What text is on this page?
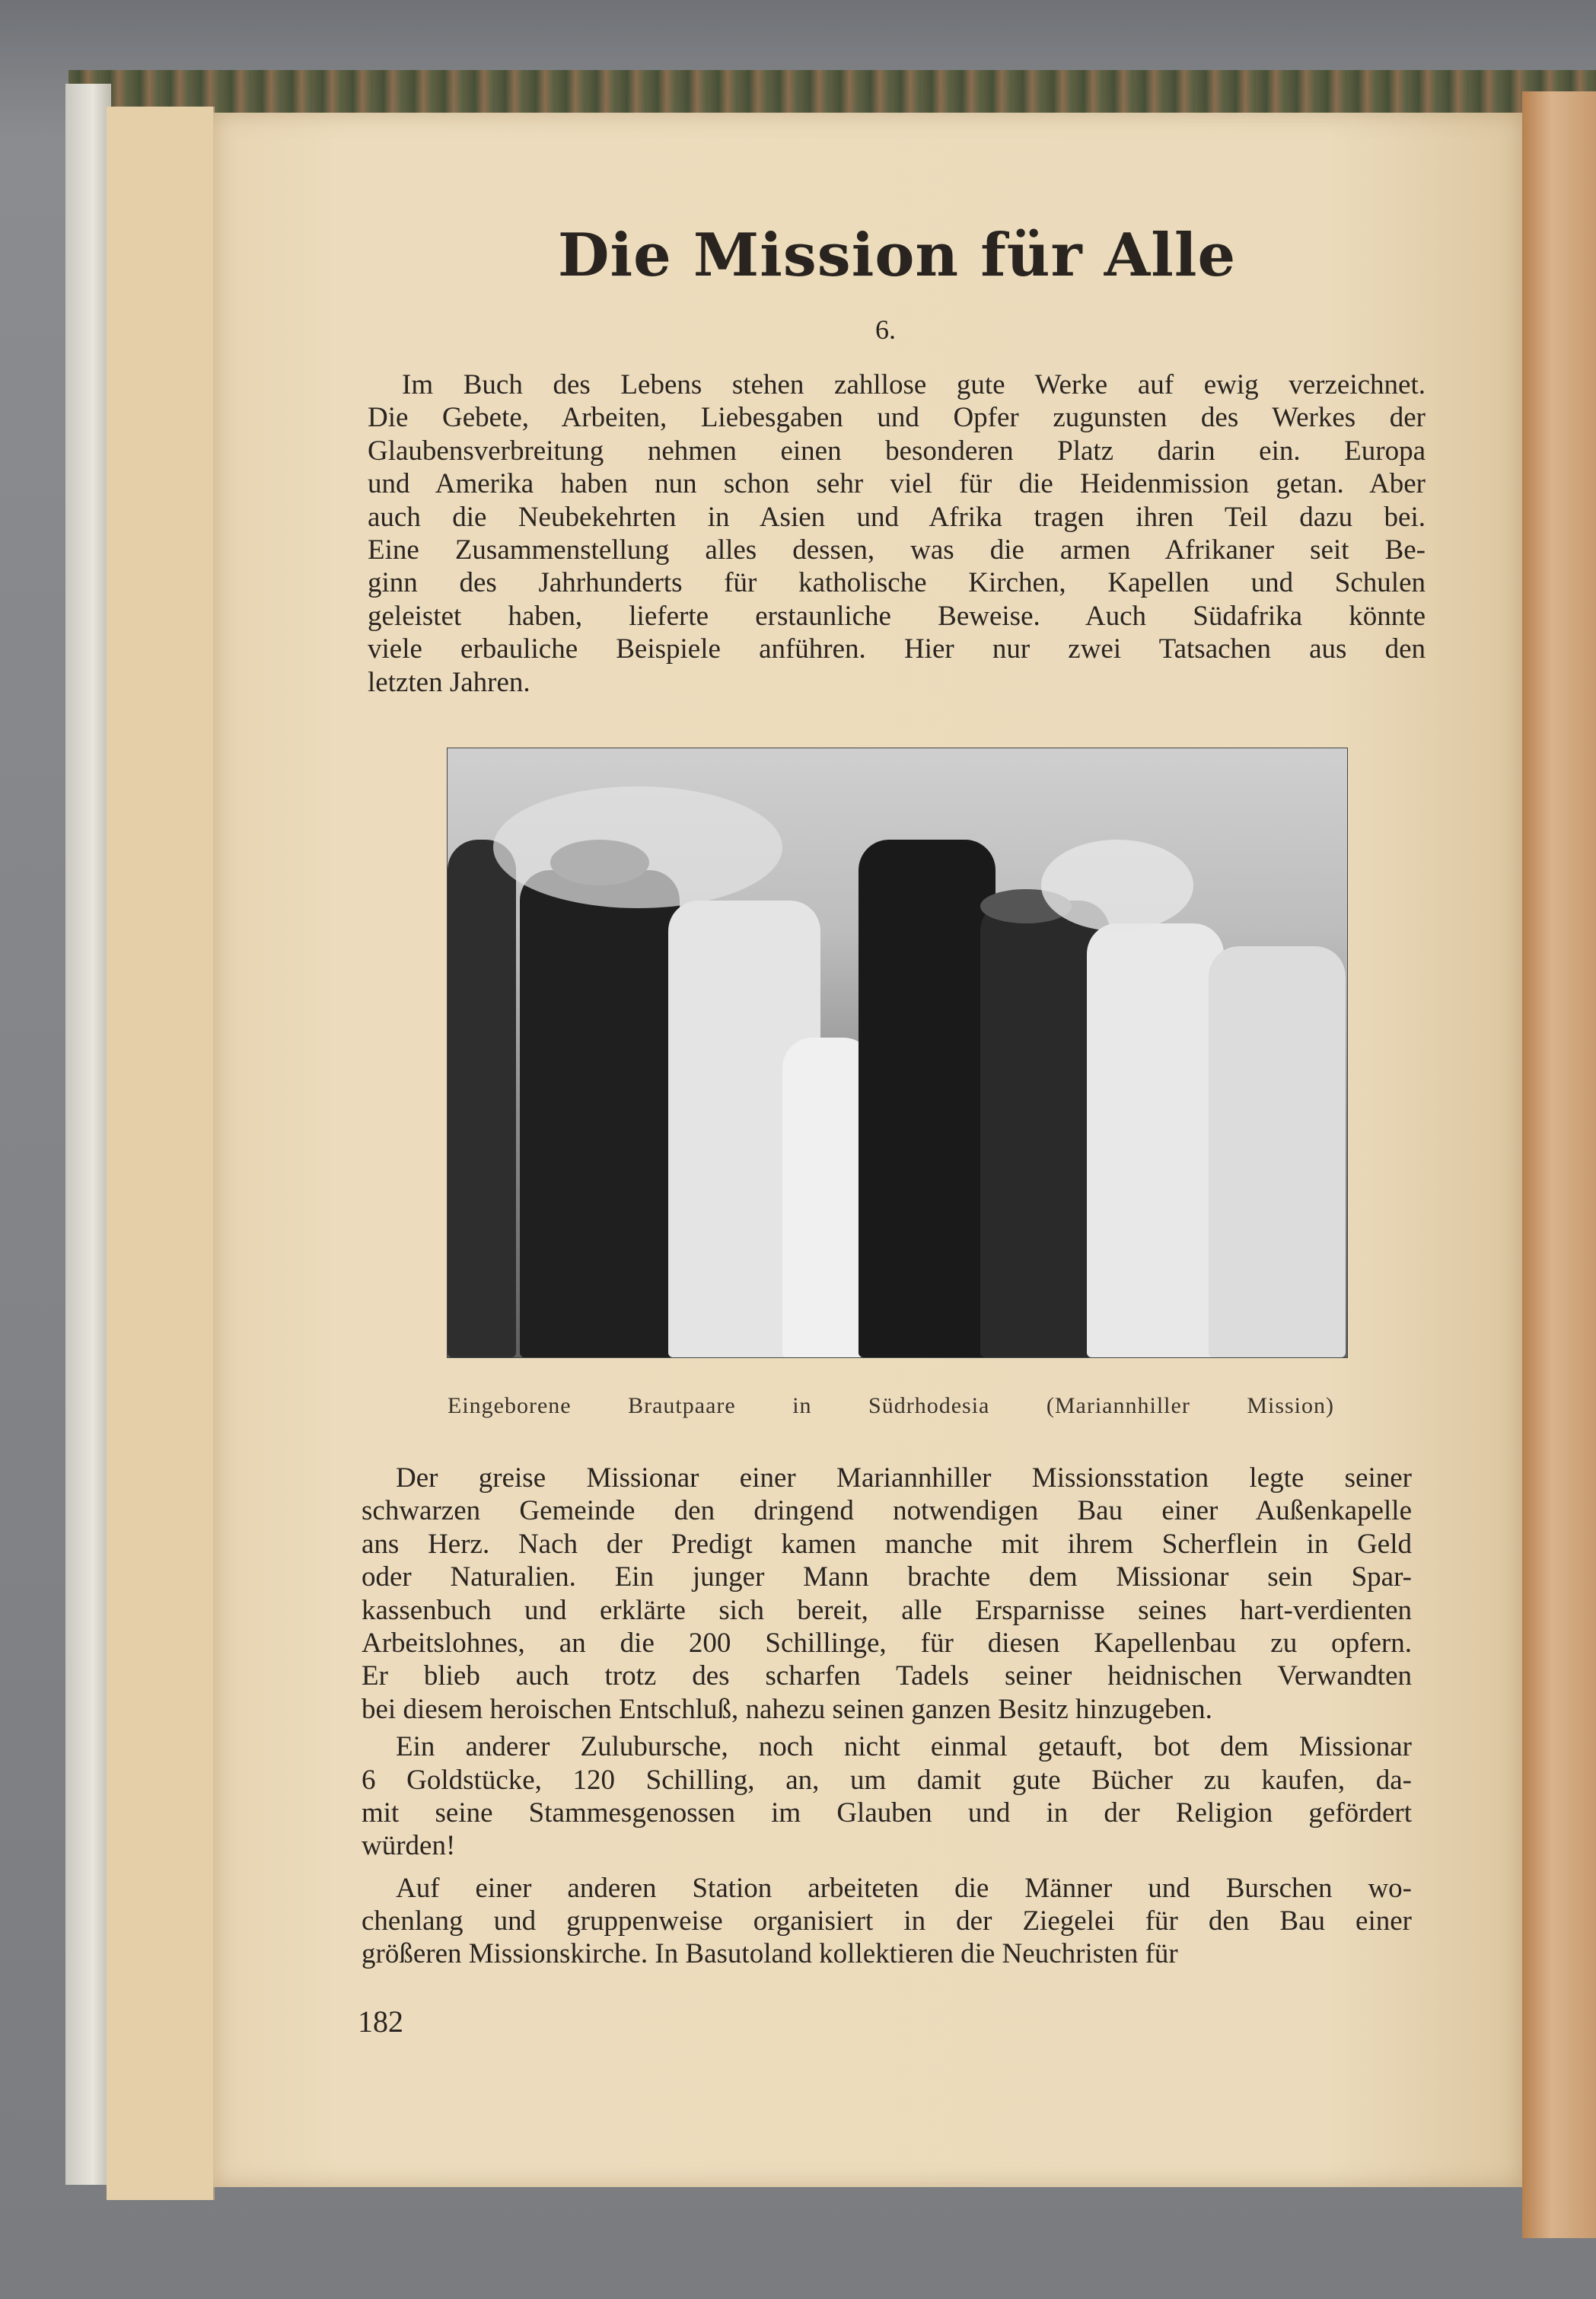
Die Mission für Alle
6.
Im Buch des Lebens stehen zahllose gute Werke auf ewig verzeichnet.
Die Gebete, Arbeiten, Liebesgaben und Opfer zugunsten des Werkes der
Glaubensverbreitung nehmen einen besonderen Platz darin ein. Europa
und Amerika haben nun schon sehr viel für die Heidenmission getan. Aber
auch die Neubekehrten in Asien und Afrika tragen ihren Teil dazu bei.
Eine Zusammenstellung alles dessen, was die armen Afrikaner seit Be-
ginn des Jahrhunderts für katholische Kirchen, Kapellen und Schulen
geleistet haben, lieferte erstaunliche Beweise. Auch Südafrika könnte
viele erbauliche Beispiele anführen. Hier nur zwei Tatsachen aus den
letzten Jahren.
Eingeborene Brautpaare in Südrhodesia (Mariannhiller Mission)
Der greise Missionar einer Mariannhiller Missionsstation legte seiner
schwarzen Gemeinde den dringend notwendigen Bau einer Außenkapelle
ans Herz. Nach der Predigt kamen manche mit ihrem Scherflein in Geld
oder Naturalien. Ein junger Mann brachte dem Missionar sein Spar-
kassenbuch und erklärte sich bereit, alle Ersparnisse seines hart-verdienten
Arbeitslohnes, an die 200 Schillinge, für diesen Kapellenbau zu opfern.
Er blieb auch trotz des scharfen Tadels seiner heidnischen Verwandten
bei diesem heroischen Entschluß, nahezu seinen ganzen Besitz hinzugeben.
Ein anderer Zulubursche, noch nicht einmal getauft, bot dem Missionar
6 Goldstücke, 120 Schilling, an, um damit gute Bücher zu kaufen, da-
mit seine Stammesgenossen im Glauben und in der Religion gefördert
würden!
Auf einer anderen Station arbeiteten die Männer und Burschen wo-
chenlang und gruppenweise organisiert in der Ziegelei für den Bau einer
größeren Missionskirche. In Basutoland kollektieren die Neuchristen für
182
